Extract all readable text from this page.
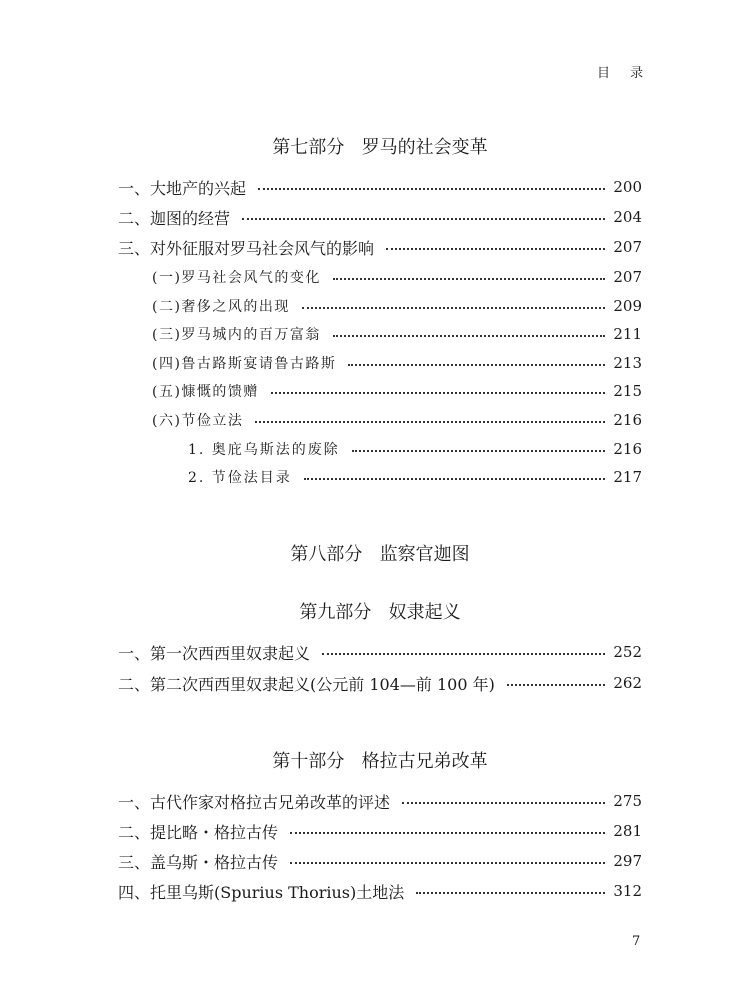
目 录
第七部分   罗马的社会变革
一、大地产的兴起	200
二、迦图的经营	204
三、对外征服对罗马社会风气的影响	207
(一)罗马社会风气的变化	207
(二)奢侈之风的出现	209
(三)罗马城内的百万富翁	211
(四)鲁古路斯宴请鲁古路斯	213
(五)慷慨的馈赠	215
(六)节俭立法	216
1. 奥庇乌斯法的废除	216
2. 节俭法目录	217
第八部分   监察官迦图
第九部分   奴隶起义
一、第一次西西里奴隶起义	252
二、第二次西西里奴隶起义(公元前 104—前 100 年)	262
第十部分   格拉古兄弟改革
一、古代作家对格拉古兄弟改革的评述	275
二、提比略・格拉古传	281
三、盖乌斯・格拉古传	297
四、托里乌斯(Spurius Thorius)土地法	312
7
